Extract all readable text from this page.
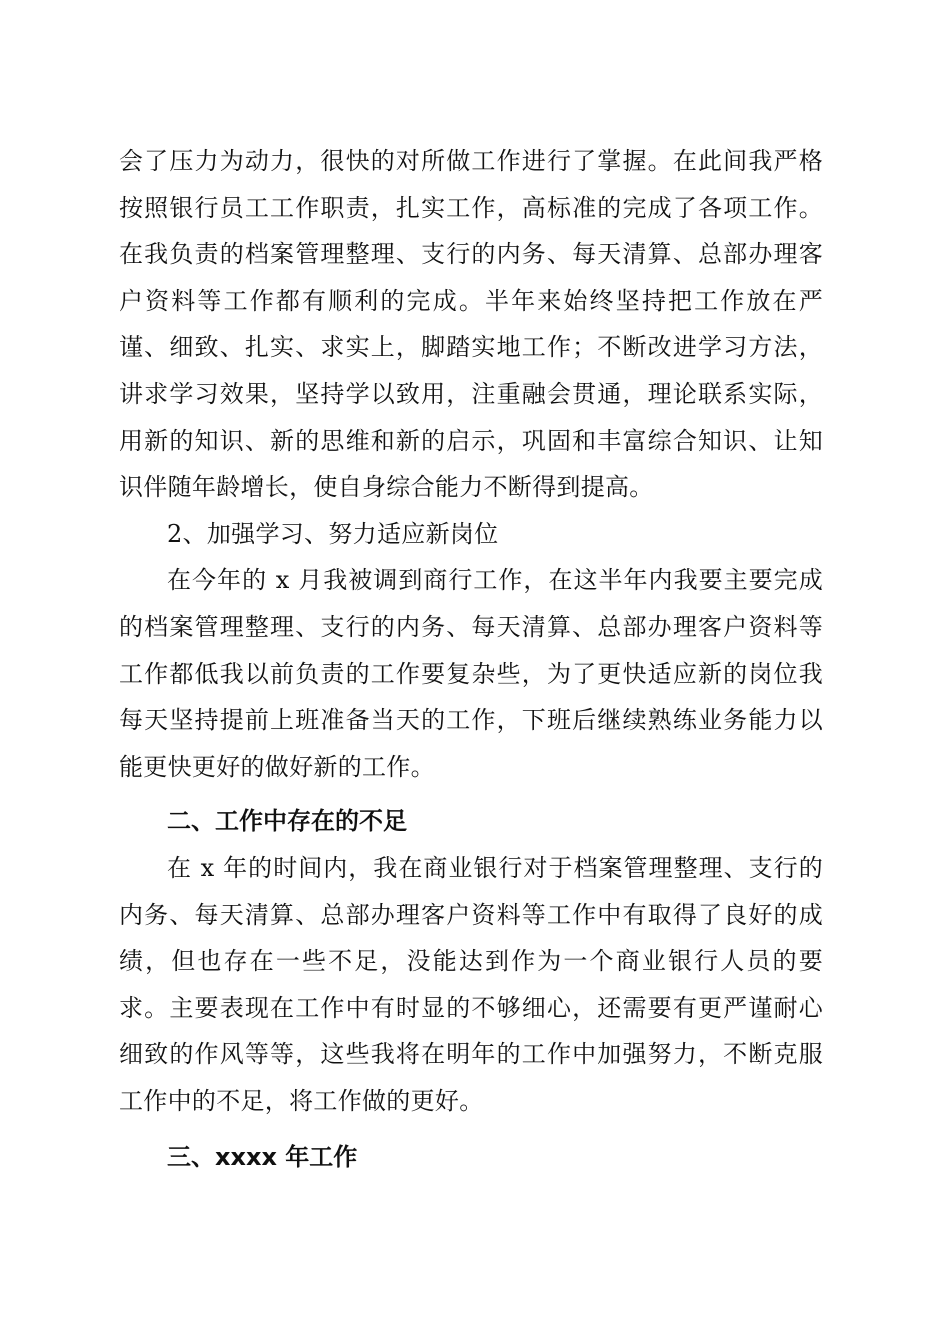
会了压力为动力，很快的对所做工作进行了掌握。在此间我严格按照银行员工工作职责，扎实工作，高标准的完成了各项工作。在我负责的档案管理整理、支行的内务、每天清算、总部办理客户资料等工作都有顺利的完成。半年来始终坚持把工作放在严谨、细致、扎实、求实上，脚踏实地工作；不断改进学习方法，讲求学习效果，坚持学以致用，注重融会贯通，理论联系实际，用新的知识、新的思维和新的启示，巩固和丰富综合知识、让知识伴随年龄增长，使自身综合能力不断得到提高。

2、加强学习、努力适应新岗位

在今年的 x 月我被调到商行工作，在这半年内我要主要完成的档案管理整理、支行的内务、每天清算、总部办理客户资料等工作都低我以前负责的工作要复杂些，为了更快适应新的岗位我每天坚持提前上班准备当天的工作，下班后继续熟练业务能力以能更快更好的做好新的工作。

二、工作中存在的不足

在 x 年的时间内，我在商业银行对于档案管理整理、支行的内务、每天清算、总部办理客户资料等工作中有取得了良好的成绩，但也存在一些不足，没能达到作为一个商业银行人员的要求。主要表现在工作中有时显的不够细心，还需要有更严谨耐心细致的作风等等，这些我将在明年的工作中加强努力，不断克服工作中的不足，将工作做的更好。

三、xxxx 年工作
